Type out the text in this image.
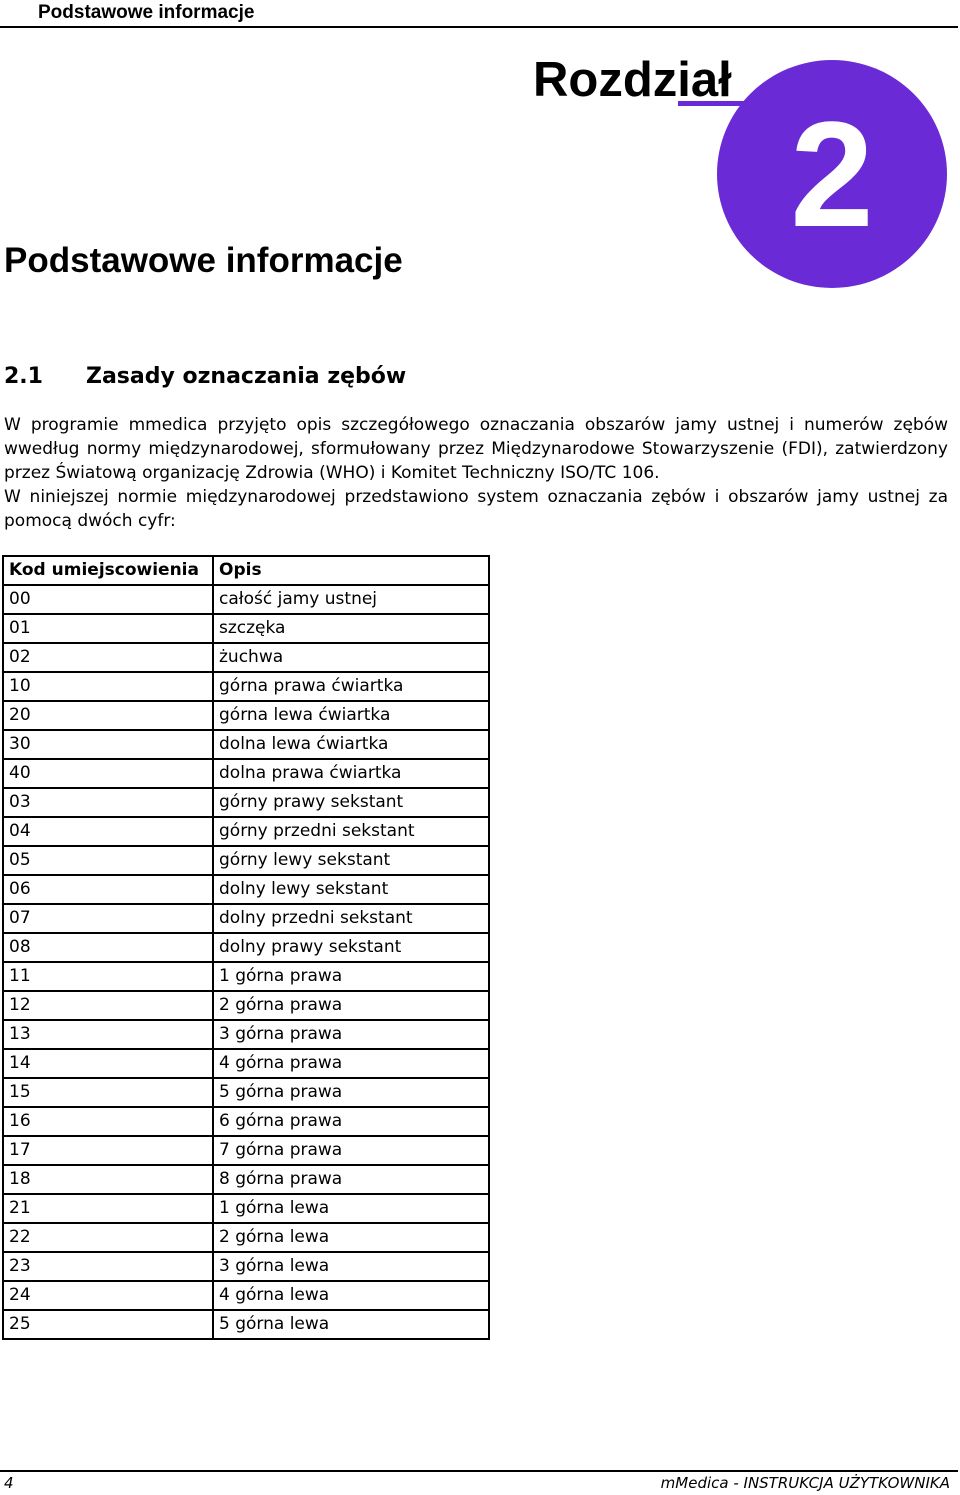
Podstawowe informacje
Rozdział
2
Podstawowe informacje
2.1 Zasady oznaczania zębów

W programie mmedica przyjęto opis szczegółowego oznaczania obszarów jamy ustnej i numerów zębów wwedług normy międzynarodowej, sformułowany przez Międzynarodowe Stowarzyszenie (FDI), zatwierdzony przez Światową organizację Zdrowia (WHO) i Komitet Techniczny ISO/TC 106.

W niniejszej normie międzynarodowej przedstawiono system oznaczania zębów i obszarów jamy ustnej za pomocą dwóch cyfr:

Kod umiejscowienia	Opis
00	całość jamy ustnej
01	szczęka
02	żuchwa
10	górna prawa ćwiartka
20	górna lewa ćwiartka
30	dolna lewa ćwiartka
40	dolna prawa ćwiartka
03	górny prawy sekstant
04	górny przedni sekstant
05	górny lewy sekstant
06	dolny lewy sekstant
07	dolny przedni sekstant
08	dolny prawy sekstant
11	1 górna prawa
12	2 górna prawa
13	3 górna prawa
14	4 górna prawa
15	5 górna prawa
16	6 górna prawa
17	7 górna prawa
18	8 górna prawa
21	1 górna lewa
22	2 górna lewa
23	3 górna lewa
24	4 górna lewa
25	5 górna lewa
4	mMedica - INSTRUKCJA UŻYTKOWNIKA
